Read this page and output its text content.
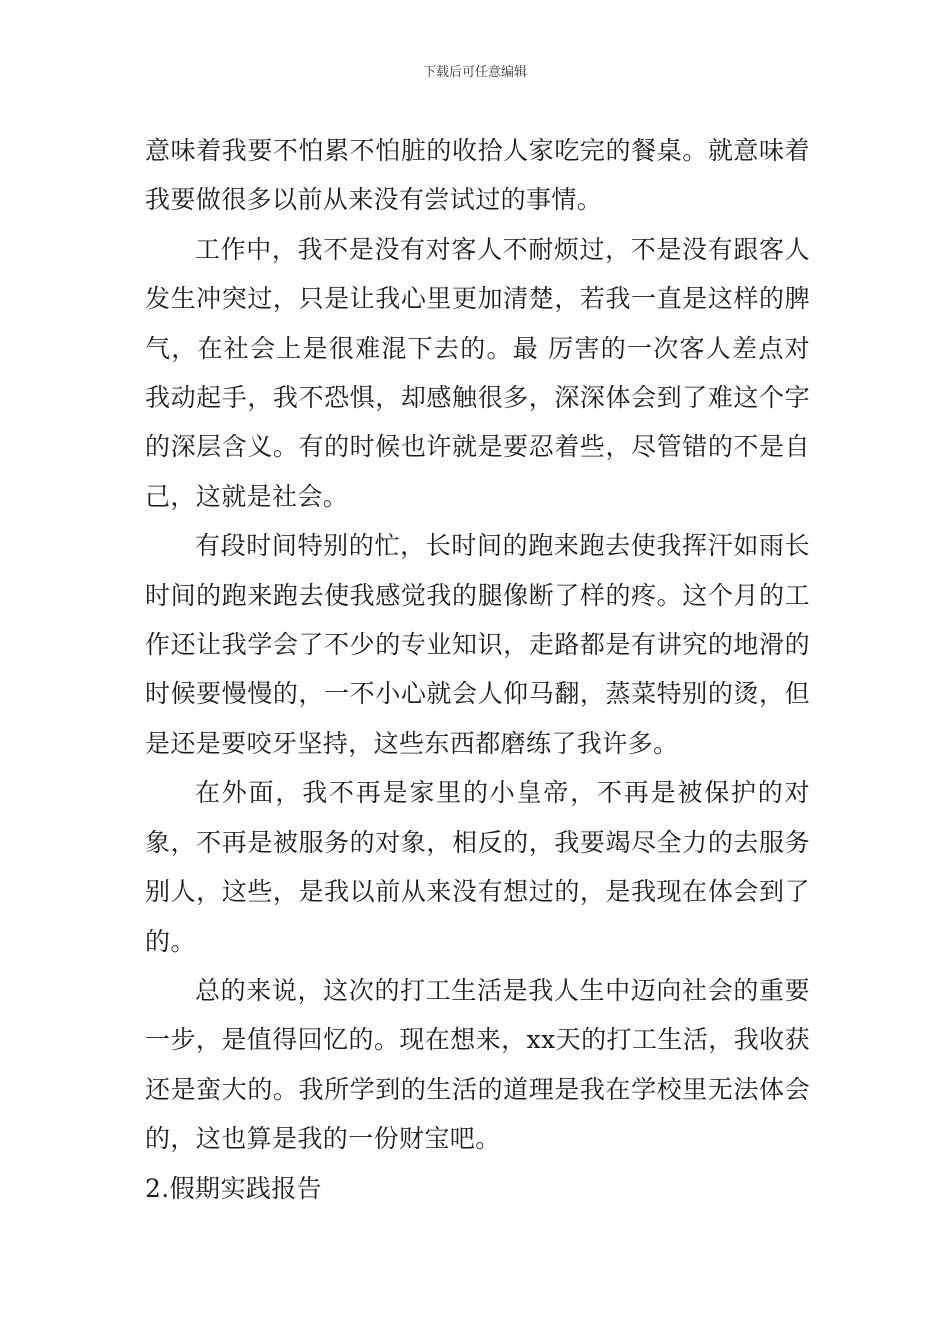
下载后可任意编辑

意味着我要不怕累不怕脏的收拾人家吃完的餐桌。就意味着我要做很多以前从来没有尝试过的事情。

工作中，我不是没有对客人不耐烦过，不是没有跟客人发生冲突过，只是让我心里更加清楚，若我一直是这样的脾气，在社会上是很难混下去的。最 厉害的一次客人差点对我动起手，我不恐惧，却感触很多，深深体会到了难这个字的深层含义。有的时候也许就是要忍着些，尽管错的不是自己，这就是社会。

有段时间特别的忙，长时间的跑来跑去使我挥汗如雨长时间的跑来跑去使我感觉我的腿像断了样的疼。这个月的工作还让我学会了不少的专业知识，走路都是有讲究的地滑的时候要慢慢的，一不小心就会人仰马翻，蒸菜特别的烫，但是还是要咬牙坚持，这些东西都磨练了我许多。

在外面，我不再是家里的小皇帝，不再是被保护的对象，不再是被服务的对象，相反的，我要竭尽全力的去服务别人，这些，是我以前从来没有想过的，是我现在体会到了的。

总的来说，这次的打工生活是我人生中迈向社会的重要一步，是值得回忆的。现在想来，xx天的打工生活，我收获还是蛮大的。我所学到的生活的道理是我在学校里无法体会的，这也算是我的一份财宝吧。

2.假期实践报告
